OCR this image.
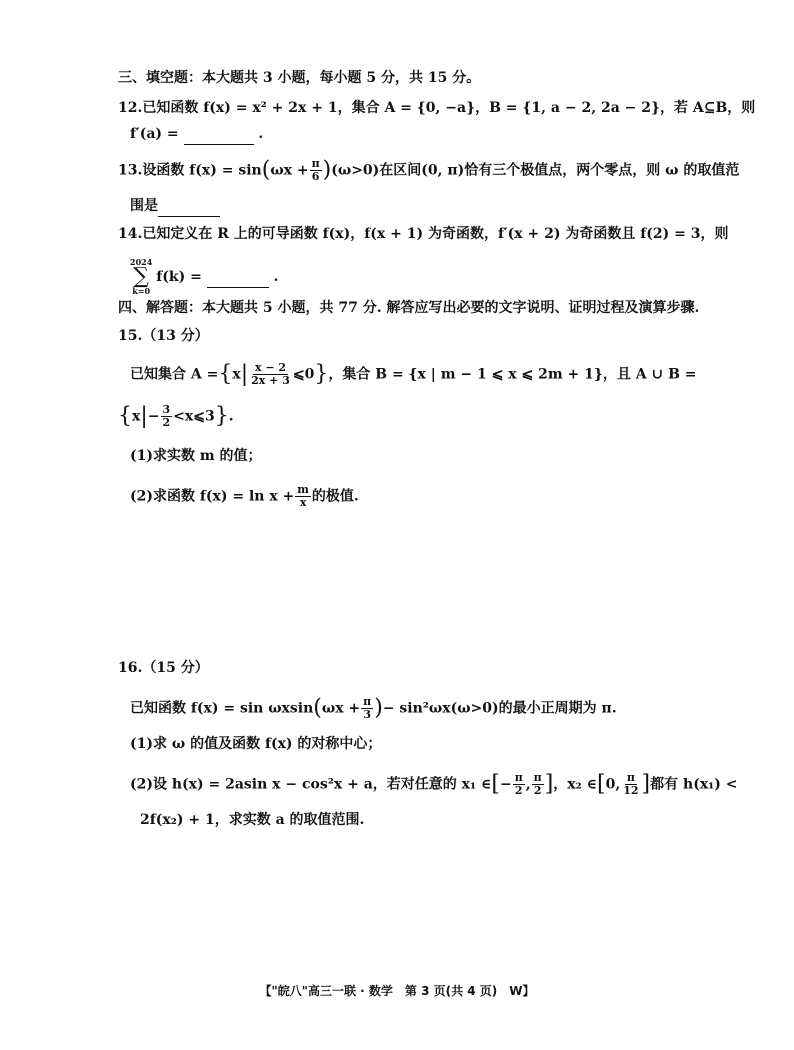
三、填空题：本大题共 3 小题，每小题 5 分，共 15 分。
12.已知函数 f(x) = x² + 2x + 1，集合 A = {0, −a}，B = {1, a − 2, 2a − 2}，若 A⊆B，则
f′(a) =	.
13.设函数 $f(x) = \sin(\omega x + \frac{\pi}{6} )(\omega>0)$在区间(0, π)恰有三个极值点，两个零点，则 ω 的取值范
围是
14.已知定义在 R 上的可导函数 f(x)，f(x + 1) 为奇函数，f′(x + 2) 为奇函数且 f(2) = 3，则
2024
∑
k=0
f(k) =	.
四、解答题：本大题共 5 小题，共 77 分. 解答应写出必要的文字说明、证明过程及演算步骤.
15.（13 分）
已知集合 $A =\{x| \frac{x - 2}{2x + 3}$ ⩽0}，集合 B = {x | m − 1 ⩽ x ⩽ 2m + 1}，且 A ∪ B =
{$x|- \frac{3}{2}$ <x⩽3}.
(1)求实数 m 的值；
(2)求函数 $f(x) = \ln x + \frac{m}{x}$ 的极值.
16.（15 分）
已知函数 $f(x) = \sin \omega xsin(\omega x + \frac{\pi}{3}$ )− sin²ωx(ω>0)的最小正周期为 π.
(1)求 ω 的值及函数 f(x) 的对称中心；
(2)设 h(x) = 2asin x − cos²x + a，若对任意的 x₁ ∈[− $\frac{\pi}{2}$ , $\frac{\pi}{2}$ ]，x₂ ∈[0, $\frac{\pi}{12}$ ]都有 h(x₁) <
2f(x₂) + 1，求实数 a 的取值范围.
【"皖八"高三一联 · 数学　第 3 页(共 4 页)　W】
